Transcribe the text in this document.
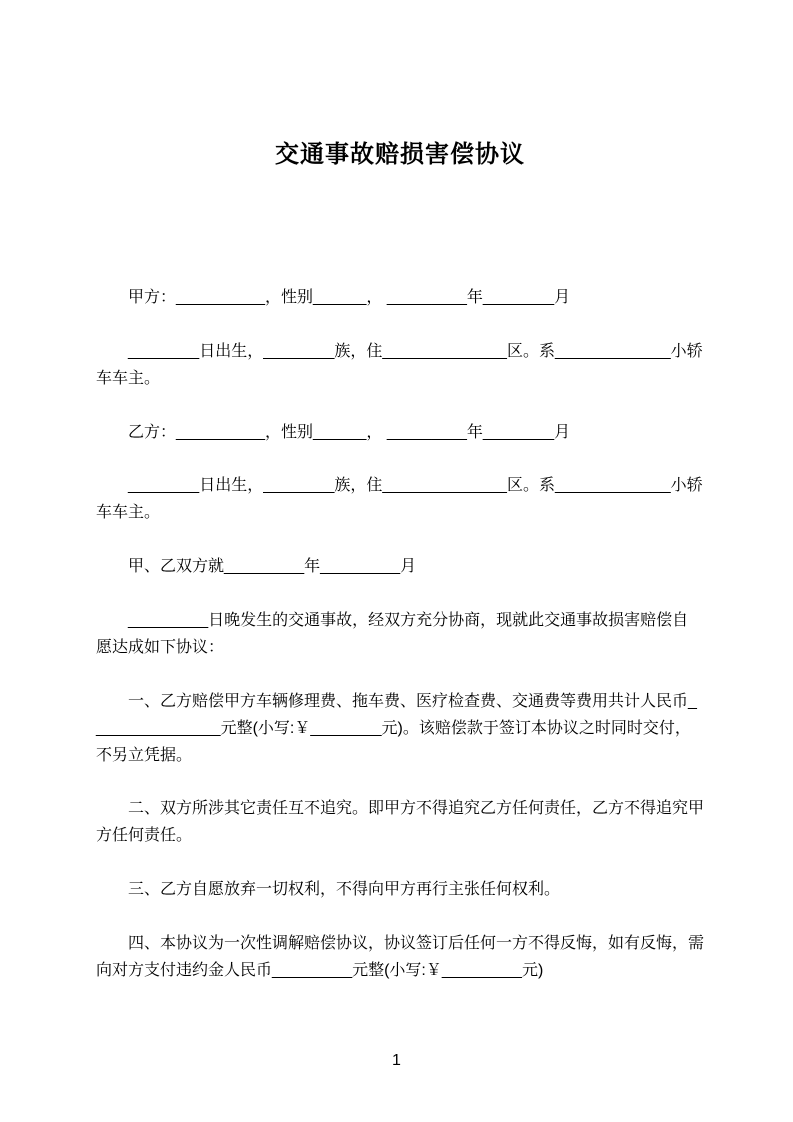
交通事故赔损害偿协议

甲方：__________，性别______， _________年________月

________日出生，________族，住______________区。系_____________小轿车车主。

乙方：__________，性别______， _________年________月

________日出生，________族，住______________区。系_____________小轿车车主。

甲、乙双方就_________年_________月

_________日晚发生的交通事故，经双方充分协商，现就此交通事故损害赔偿自愿达成如下协议：

一、乙方赔偿甲方车辆修理费、拖车费、医疗检查费、交通费等费用共计人民币_______________元整(小写:￥________元)。该赔偿款于签订本协议之时同时交付，不另立凭据。

二、双方所涉其它责任互不追究。即甲方不得追究乙方任何责任，乙方不得追究甲方任何责任。

三、乙方自愿放弃一切权利，不得向甲方再行主张任何权利。

四、本协议为一次性调解赔偿协议，协议签订后任何一方不得反悔，如有反悔，需向对方支付违约金人民币_________元整(小写:￥_________元)

1
